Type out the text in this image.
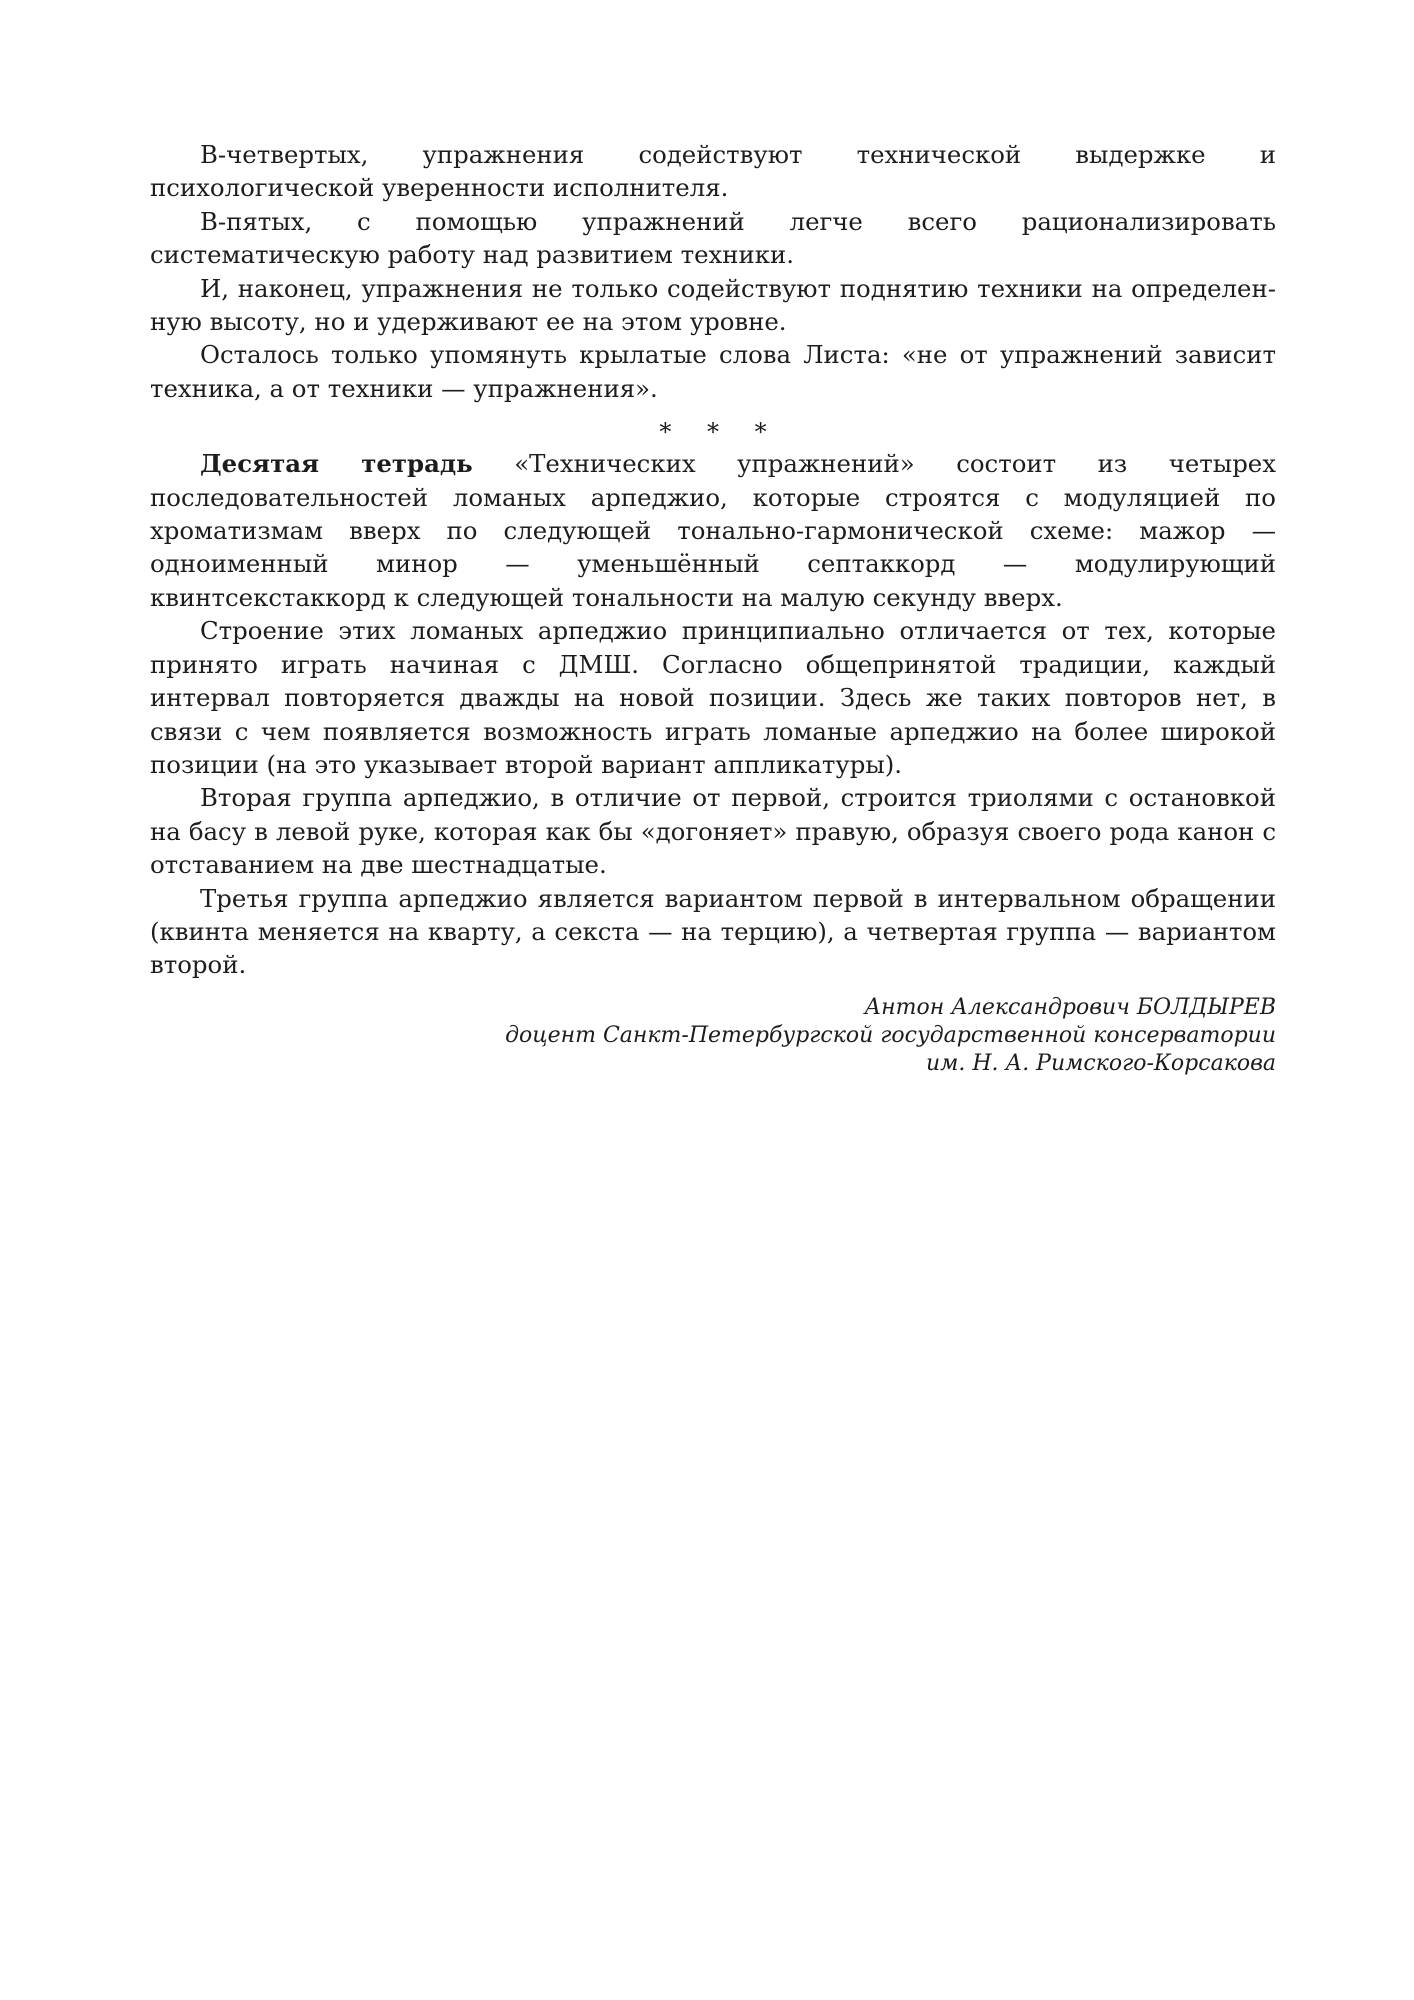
В-четвертых, упражнения содействуют технической выдержке и психологической уверенности исполнителя.

В-пятых, с помощью упражнений легче всего рационализировать систематическую работу над развитием техники.

И, наконец, упражнения не только содействуют поднятию техники на определенную высоту, но и удерживают ее на этом уровне.

Осталось только упомянуть крылатые слова Листа: «не от упражнений зависит техника, а от техники — упражнения».

* * *

Десятая тетрадь «Технических упражнений» состоит из четырех последовательностей ломаных арпеджио, которые строятся с модуляцией по хроматизмам вверх по следующей тонально-гармонической схеме: мажор — одноименный минор — уменьшённый септаккорд — модулирующий квинтсекстаккорд к следующей тональности на малую секунду вверх.

Строение этих ломаных арпеджио принципиально отличается от тех, которые принято играть начиная с ДМШ. Согласно общепринятой традиции, каждый интервал повторяется дважды на новой позиции. Здесь же таких повторов нет, в связи с чем появляется возможность играть ломаные арпеджио на более широкой позиции (на это указывает второй вариант аппликатуры).

Вторая группа арпеджио, в отличие от первой, строится триолями с остановкой на басу в левой руке, которая как бы «догоняет» правую, образуя своего рода канон с отставанием на две шестнадцатые.

Третья группа арпеджио является вариантом первой в интервальном обращении (квинта меняется на кварту, а секста — на терцию), а четвертая группа — вариантом второй.

Антон Александрович БОЛДЫРЕВ
доцент Санкт-Петербургской государственной консерватории
им. Н. А. Римского-Корсакова
